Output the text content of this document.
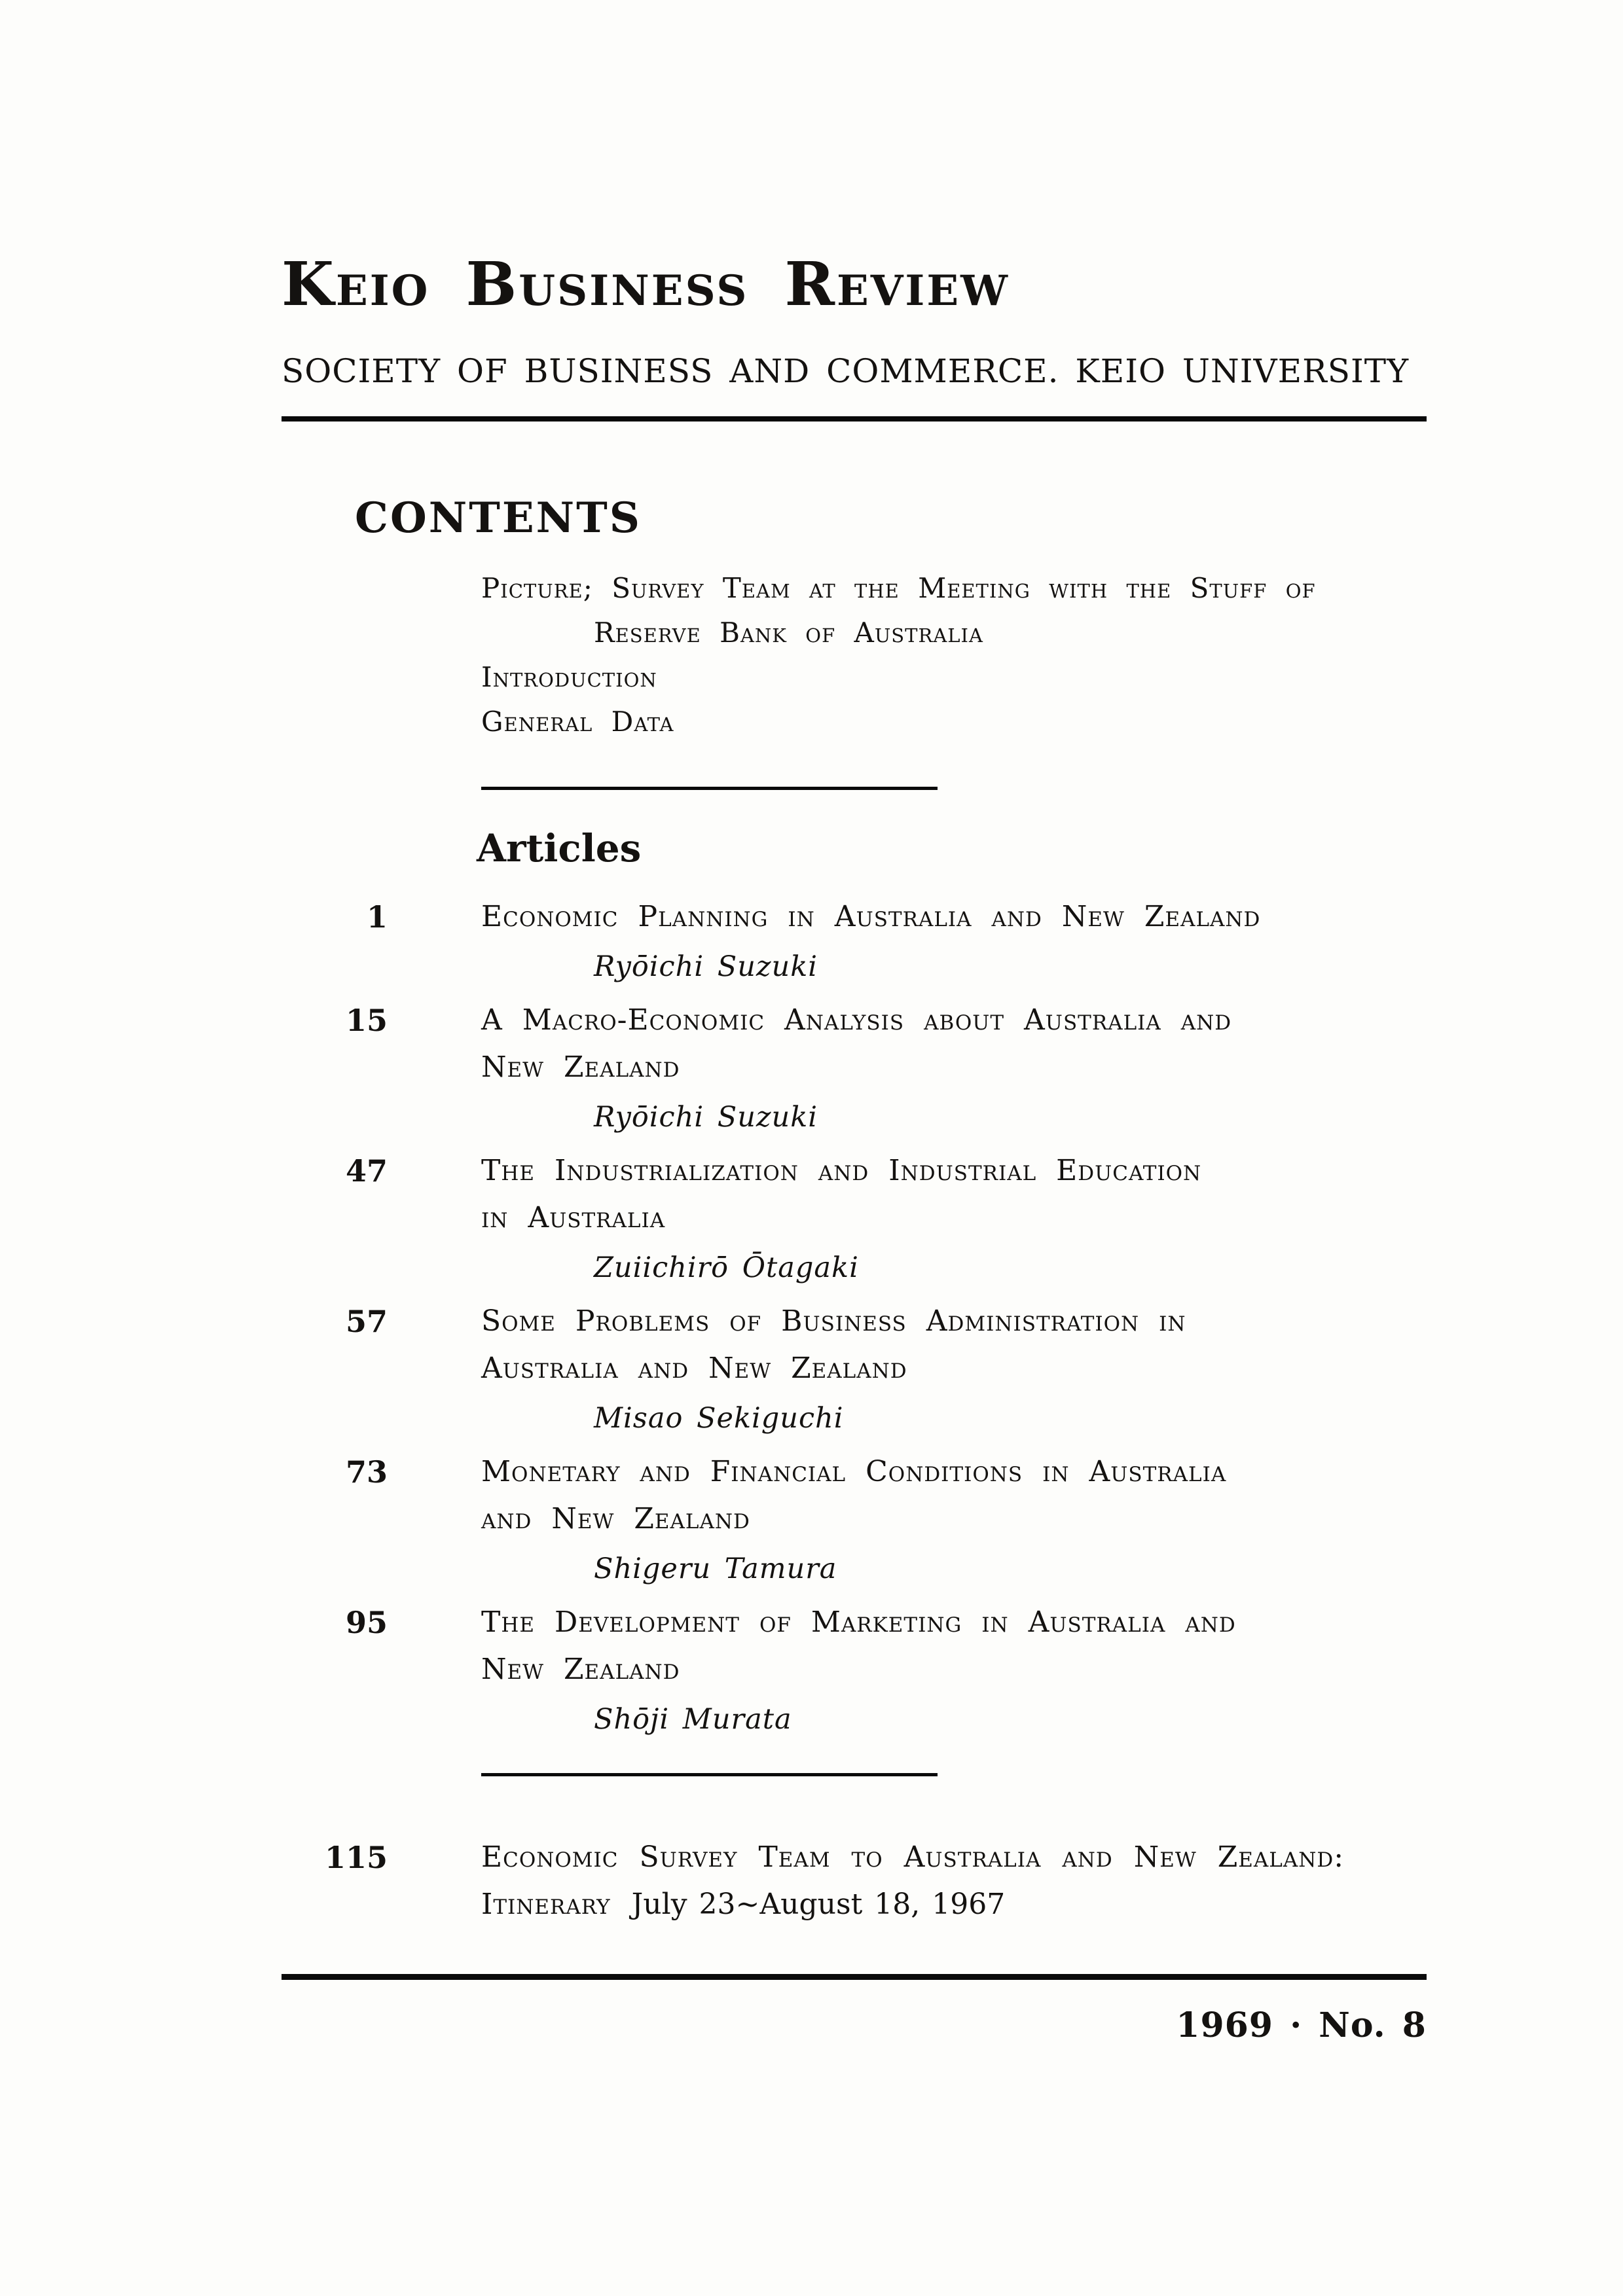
Keio Business Review
SOCIETY OF BUSINESS AND COMMERCE. KEIO UNIVERSITY
CONTENTS
Picture; Survey Team at the Meeting with the Stuff of
Reserve Bank of Australia
Introduction
General Data
Articles
1	Economic Planning in Australia and New Zealand
Ryōichi Suzuki
15	A Macro-Economic Analysis about Australia and
New Zealand
Ryōichi Suzuki
47	The Industrialization and Industrial Education
in Australia
Zuiichirō Ōtagaki
57	Some Problems of Business Administration in
Australia and New Zealand
Misao Sekiguchi
73	Monetary and Financial Conditions in Australia
and New Zealand
Shigeru Tamura
95	The Development of Marketing in Australia and
New Zealand
Shōji Murata
115	Economic Survey Team to Australia and New Zealand:
Itinerary July 23~August 18, 1967
1969 · No. 8
